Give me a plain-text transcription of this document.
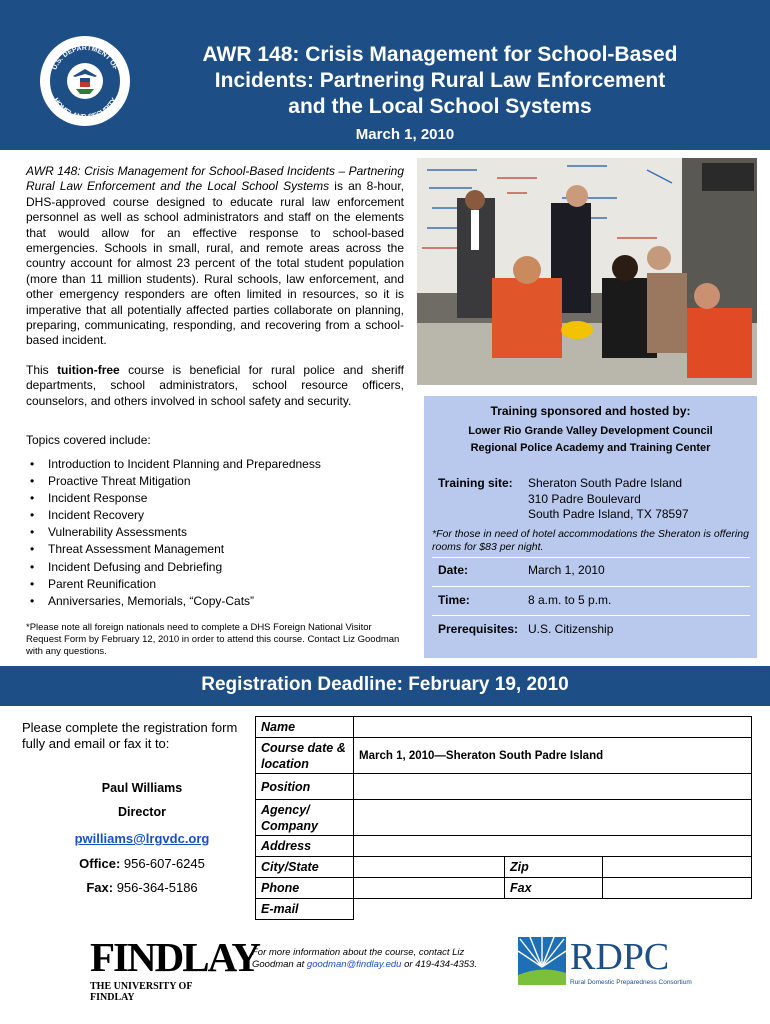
U.S. DEPARTMENT OF
HOMELAND SECURITY
AWR 148: Crisis Management for School-Based
Incidents: Partnering Rural Law Enforcement
and the Local School Systems
March 1, 2010

AWR 148: Crisis Management for School-Based Incidents – Partnering Rural Law Enforcement and the Local School Systems is an 8-hour, DHS-approved course designed to educate rural law enforcement personnel as well as school administrators and staff on the elements that would allow for an effective response to school-based emergencies. Schools in small, rural, and remote areas across the country account for almost 23 percent of the total student population (more than 11 million students). Rural schools, law enforcement, and other emergency responders are often limited in resources, so it is imperative that all potentially affected parties collaborate on planning, preparing, communicating, responding, and recovering from a school-based incident.

This tuition-free course is beneficial for rural police and sheriff departments, school administrators, school resource officers, counselors, and others involved in school safety and security.

Topics covered include:
• Introduction to Incident Planning and Preparedness
• Proactive Threat Mitigation
• Incident Response
• Incident Recovery
• Vulnerability Assessments
• Threat Assessment Management
• Incident Defusing and Debriefing
• Parent Reunification
• Anniversaries, Memorials, “Copy-Cats”
*Please note all foreign nationals need to complete a DHS Foreign National Visitor Request Form by February 12, 2010 in order to attend this course. Contact Liz Goodman with any questions.
Training sponsored and hosted by:
Lower Rio Grande Valley Development Council
Regional Police Academy and Training Center
Training site:	Sheraton South Padre Island
310 Padre Boulevard
South Padre Island, TX 78597
*For those in need of hotel accommodations the Sheraton is offering rooms for $83 per night.
Date:	March 1, 2010
Time:	8 a.m. to 5 p.m.
Prerequisites: U.S. Citizenship
Registration Deadline: February 19, 2010
Please complete the registration form fully and email or fax it to:
Paul Williams
Director
pwilliams@lrgvdc.org
Office: 956-607-6245
Fax: 956-364-5186
Name			
Course date & location	March 1, 2010—Sheraton South Padre Island		
Position			
Agency/ Company			
Address			
City/State		Zip	
Phone		Fax	
E-mail			
FINDLAY
THE UNIVERSITY OF FINDLAY
For more information about the course, contact Liz Goodman at goodman@findlay.edu or 419-434-4353.	RDPC
Rural Domestic Preparedness Consortium
